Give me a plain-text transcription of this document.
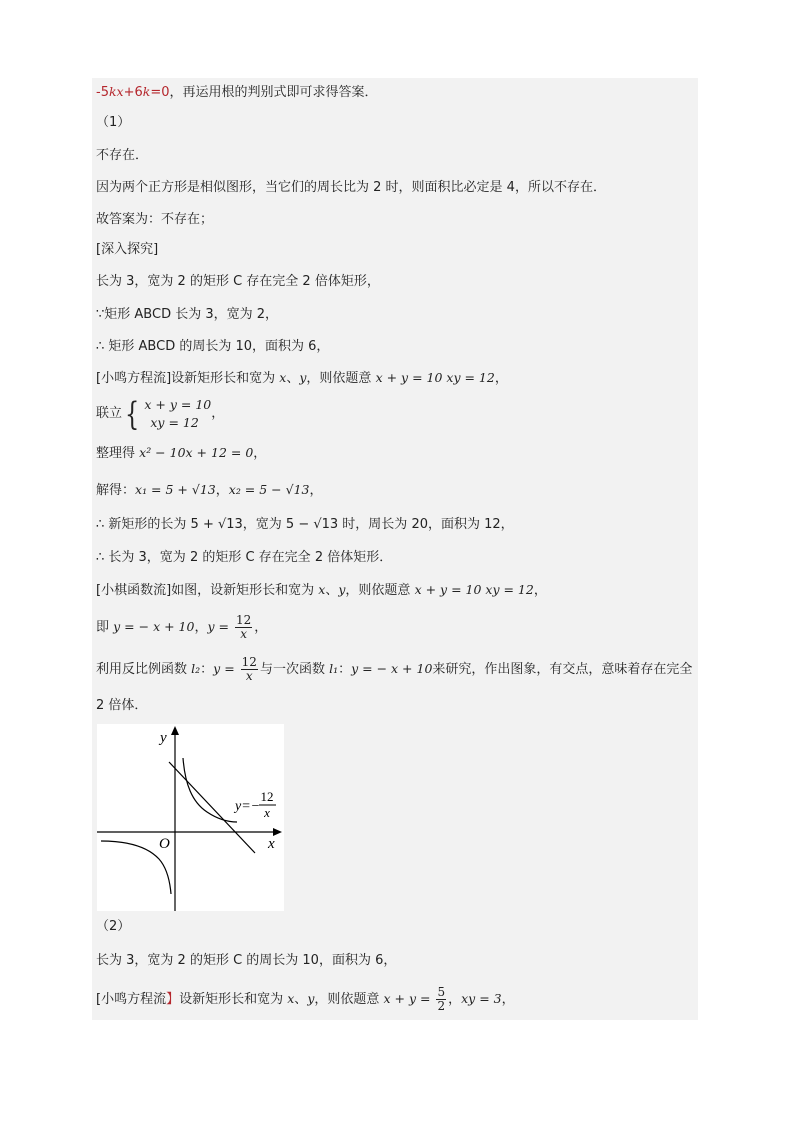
-5kx+6k=0，再运用根的判别式即可求得答案．
（1）
不存在．
因为两个正方形是相似图形，当它们的周长比为 2 时，则面积比必定是 4，所以不存在．
故答案为：不存在；
[深入探究]
长为 3，宽为 2 的矩形 C 存在完全 2 倍体矩形，
∵矩形 ABCD 长为 3，宽为 2，
∴ 矩形 ABCD 的周长为 10，面积为 6，
[小鸣方程流]设新矩形长和宽为 x、y，则依题意 x + y = 10 xy = 12，
联立{ x + y = 10
xy = 12
，
整理得 x² − 10x + 12 = 0，
解得：x₁ = 5 + √13，x₂ = 5 − √13，
∴ 新矩形的长为 5 + √13，宽为 5 − √13 时，周长为 20，面积为 12，
∴ 长为 3，宽为 2 的矩形 C 存在完全 2 倍体矩形．
[小棋函数流]如图，设新矩形长和宽为 x、y，则依题意 x + y = 10 xy = 12，
即 y = − x + 10，$y = \frac{12}{x}$ ，
利用反比例函数 l₂：$y = \frac{12}{x}$ 与一次函数 l₁：y = − x + 10来研究，作出图象，有交点，意味着存在完全
2 倍体．
y
x
O
y=−
12
x
（2）
长为 3，宽为 2 的矩形 C 的周长为 10，面积为 6，
[小鸣方程流】设新矩形长和宽为 x、y，则依题意 $x + y = \frac{5}{2}$ ，xy = 3，
